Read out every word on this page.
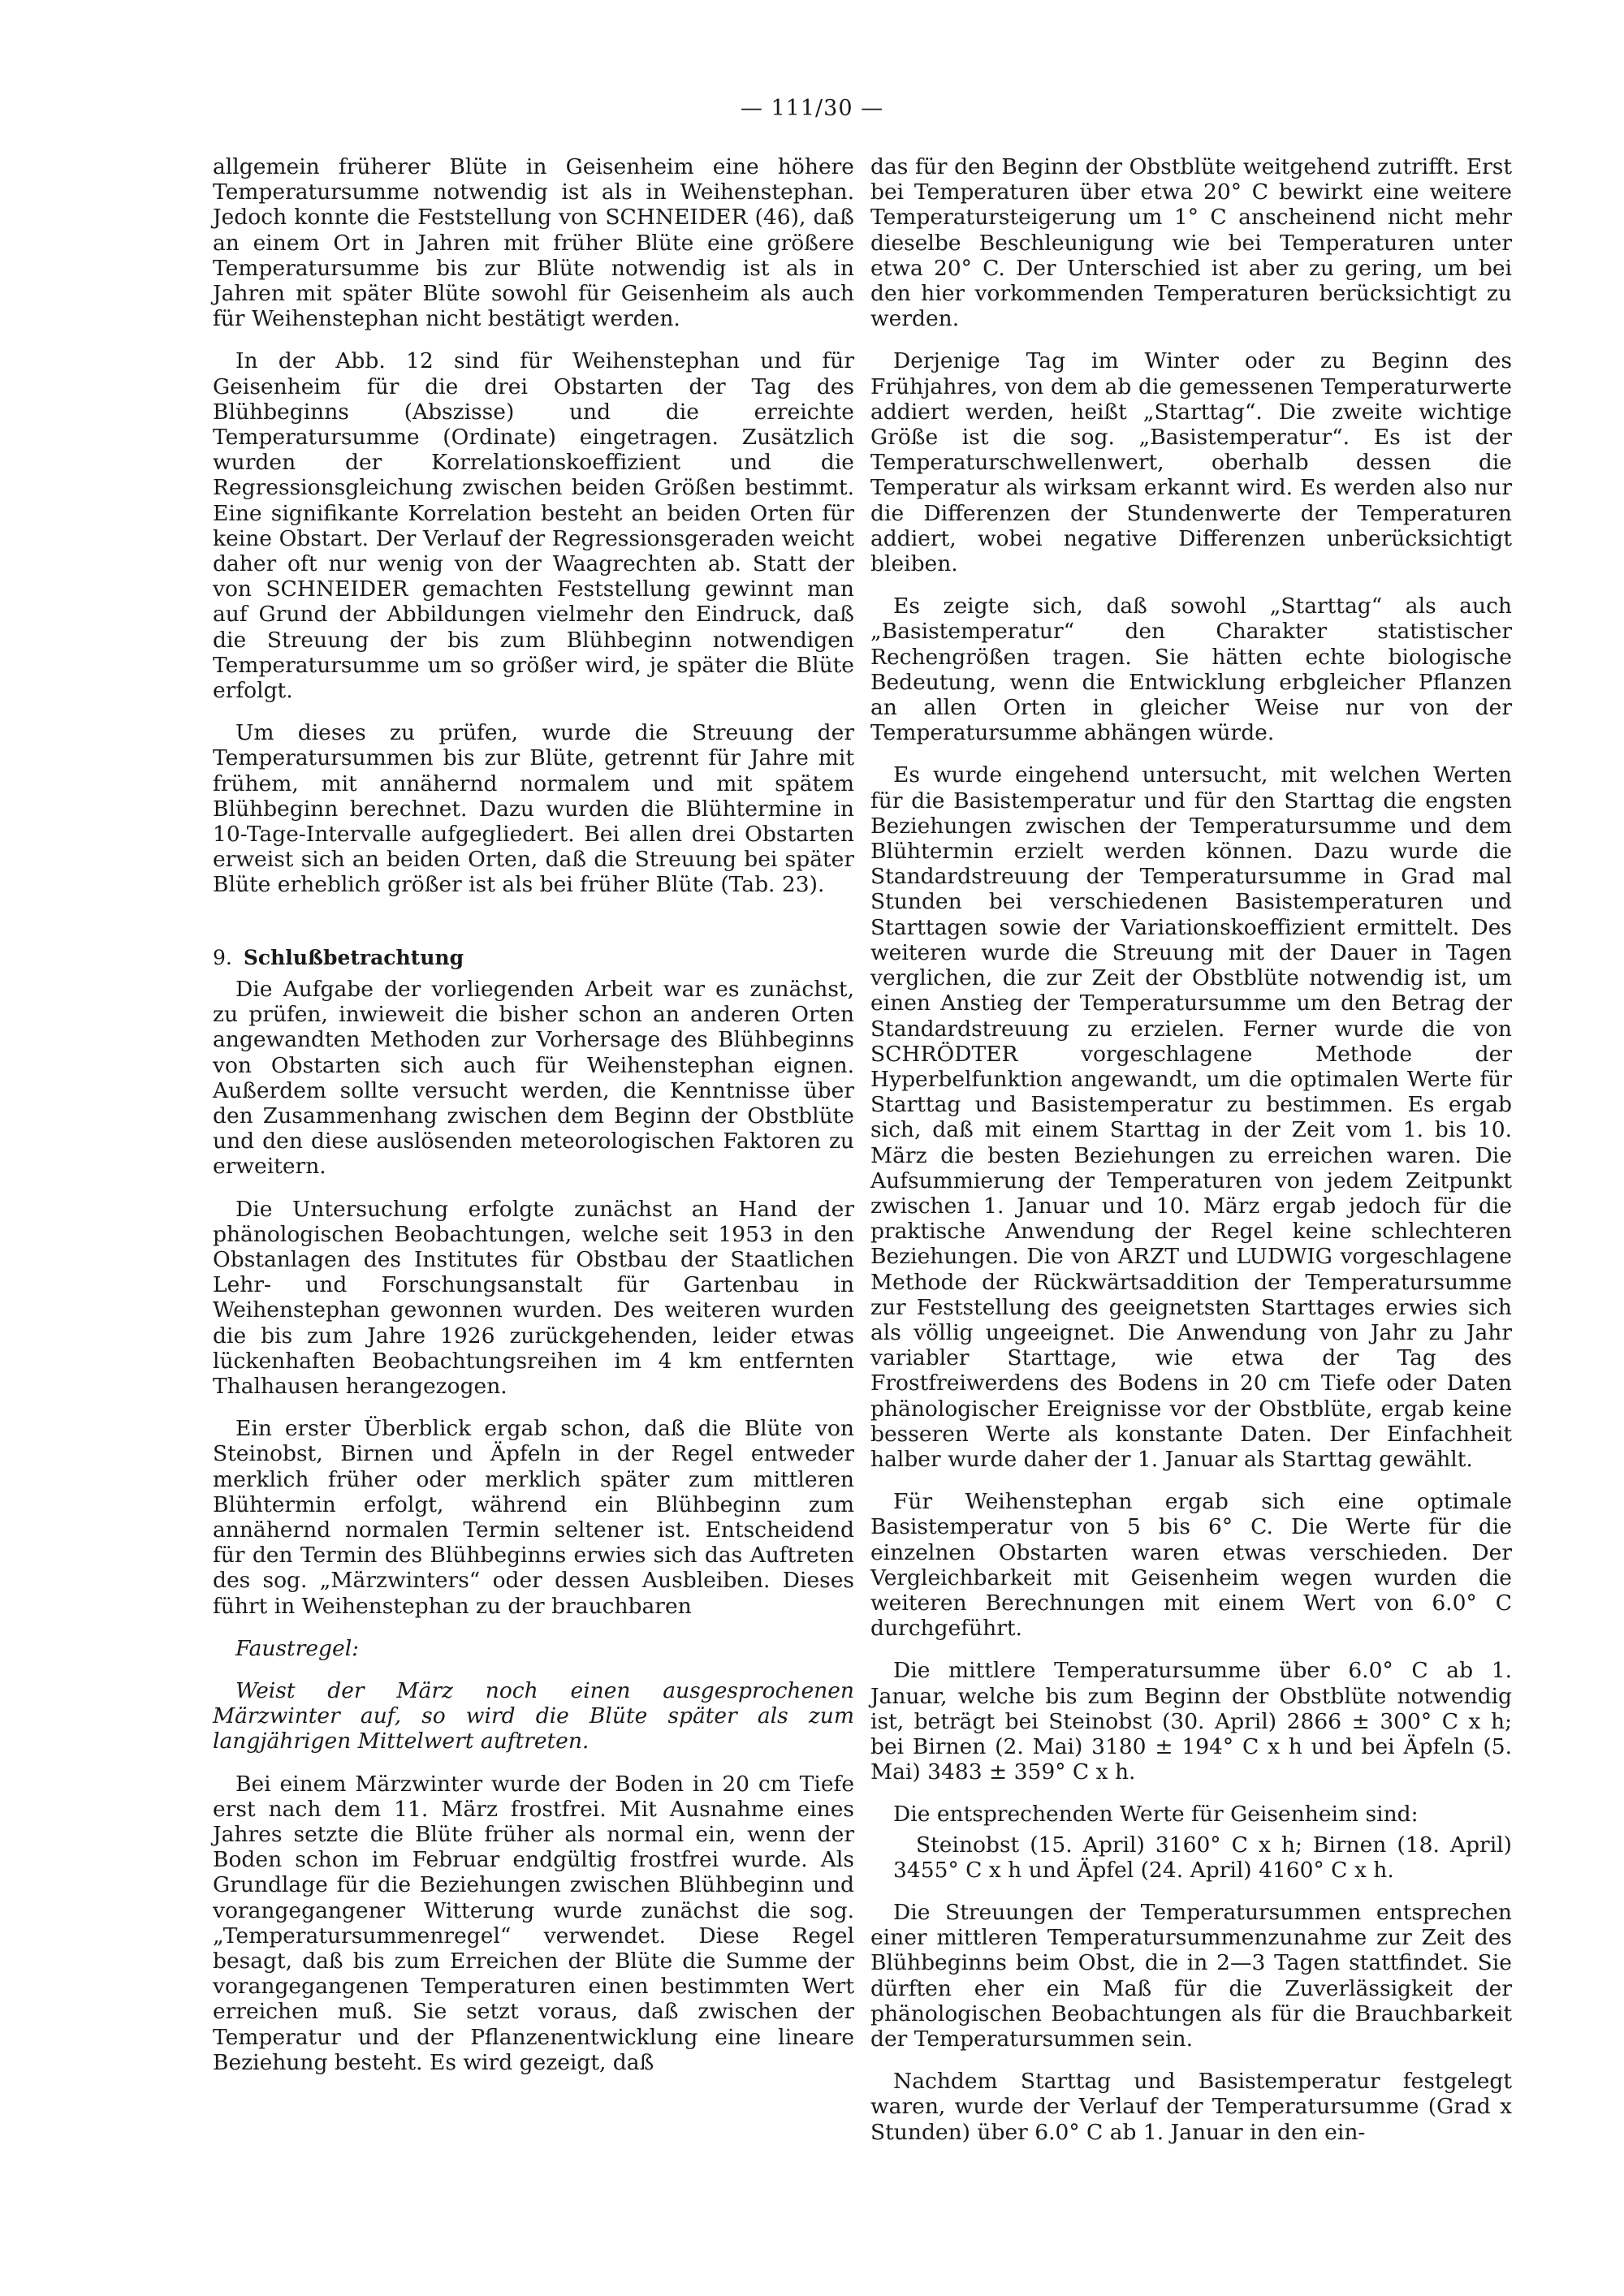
— 111/30 —

allgemein früherer Blüte in Geisenheim eine höhere Temperatursumme notwendig ist als in Weihenstephan. Jedoch konnte die Feststellung von SCHNEIDER (46), daß an einem Ort in Jahren mit früher Blüte eine größere Temperatursumme bis zur Blüte notwendig ist als in Jahren mit später Blüte sowohl für Geisenheim als auch für Weihenstephan nicht bestätigt werden.

In der Abb. 12 sind für Weihenstephan und für Geisenheim für die drei Obstarten der Tag des Blühbeginns (Abszisse) und die erreichte Temperatursumme (Ordinate) eingetragen. Zusätzlich wurden der Korrelationskoeffizient und die Regressionsgleichung zwischen beiden Größen bestimmt. Eine signifikante Korrelation besteht an beiden Orten für keine Obstart. Der Verlauf der Regressionsgeraden weicht daher oft nur wenig von der Waagrechten ab. Statt der von SCHNEIDER gemachten Feststellung gewinnt man auf Grund der Abbildungen vielmehr den Eindruck, daß die Streuung der bis zum Blühbeginn notwendigen Temperatursumme um so größer wird, je später die Blüte erfolgt.

Um dieses zu prüfen, wurde die Streuung der Temperatursummen bis zur Blüte, getrennt für Jahre mit frühem, mit annähernd normalem und mit spätem Blühbeginn berechnet. Dazu wurden die Blühtermine in 10-Tage-Intervalle aufgegliedert. Bei allen drei Obstarten erweist sich an beiden Orten, daß die Streuung bei später Blüte erheblich größer ist als bei früher Blüte (Tab. 23).

9. Schlußbetrachtung

Die Aufgabe der vorliegenden Arbeit war es zunächst, zu prüfen, inwieweit die bisher schon an anderen Orten angewandten Methoden zur Vorhersage des Blühbeginns von Obstarten sich auch für Weihenstephan eignen. Außerdem sollte versucht werden, die Kenntnisse über den Zusammenhang zwischen dem Beginn der Obstblüte und den diese auslösenden meteorologischen Faktoren zu erweitern.

Die Untersuchung erfolgte zunächst an Hand der phänologischen Beobachtungen, welche seit 1953 in den Obstanlagen des Institutes für Obstbau der Staatlichen Lehr- und Forschungsanstalt für Gartenbau in Weihenstephan gewonnen wurden. Des weiteren wurden die bis zum Jahre 1926 zurückgehenden, leider etwas lückenhaften Beobachtungsreihen im 4 km entfernten Thalhausen herangezogen.

Ein erster Überblick ergab schon, daß die Blüte von Steinobst, Birnen und Äpfeln in der Regel entweder merklich früher oder merklich später zum mittleren Blühtermin erfolgt, während ein Blühbeginn zum annähernd normalen Termin seltener ist. Entscheidend für den Termin des Blühbeginns erwies sich das Auftreten des sog. „Märzwinters“ oder dessen Ausbleiben. Dieses führt in Weihenstephan zu der brauchbaren

Faustregel:

Weist der März noch einen ausgesprochenen Märzwinter auf, so wird die Blüte später als zum langjährigen Mittelwert auftreten.

Bei einem Märzwinter wurde der Boden in 20 cm Tiefe erst nach dem 11. März frostfrei. Mit Ausnahme eines Jahres setzte die Blüte früher als normal ein, wenn der Boden schon im Februar endgültig frostfrei wurde. Als Grundlage für die Beziehungen zwischen Blühbeginn und vorangegangener Witterung wurde zunächst die sog. „Temperatursummenregel“ verwendet. Diese Regel besagt, daß bis zum Erreichen der Blüte die Summe der vorangegangenen Temperaturen einen bestimmten Wert erreichen muß. Sie setzt voraus, daß zwischen der Temperatur und der Pflanzenentwicklung eine lineare Beziehung besteht. Es wird gezeigt, daß

das für den Beginn der Obstblüte weitgehend zutrifft. Erst bei Temperaturen über etwa 20° C bewirkt eine weitere Temperatursteigerung um 1° C anscheinend nicht mehr dieselbe Beschleunigung wie bei Temperaturen unter etwa 20° C. Der Unterschied ist aber zu gering, um bei den hier vorkommenden Temperaturen berücksichtigt zu werden.

Derjenige Tag im Winter oder zu Beginn des Frühjahres, von dem ab die gemessenen Temperaturwerte addiert werden, heißt „Starttag“. Die zweite wichtige Größe ist die sog. „Basistemperatur“. Es ist der Temperaturschwellenwert, oberhalb dessen die Temperatur als wirksam erkannt wird. Es werden also nur die Differenzen der Stundenwerte der Temperaturen addiert, wobei negative Differenzen unberücksichtigt bleiben.

Es zeigte sich, daß sowohl „Starttag“ als auch „Basistemperatur“ den Charakter statistischer Rechengrößen tragen. Sie hätten echte biologische Bedeutung, wenn die Entwicklung erbgleicher Pflanzen an allen Orten in gleicher Weise nur von der Temperatursumme abhängen würde.

Es wurde eingehend untersucht, mit welchen Werten für die Basistemperatur und für den Starttag die engsten Beziehungen zwischen der Temperatursumme und dem Blühtermin erzielt werden können. Dazu wurde die Standardstreuung der Temperatursumme in Grad mal Stunden bei verschiedenen Basistemperaturen und Starttagen sowie der Variationskoeffizient ermittelt. Des weiteren wurde die Streuung mit der Dauer in Tagen verglichen, die zur Zeit der Obstblüte notwendig ist, um einen Anstieg der Temperatursumme um den Betrag der Standardstreuung zu erzielen. Ferner wurde die von SCHRÖDTER vorgeschlagene Methode der Hyperbelfunktion angewandt, um die optimalen Werte für Starttag und Basistemperatur zu bestimmen. Es ergab sich, daß mit einem Starttag in der Zeit vom 1. bis 10. März die besten Beziehungen zu erreichen waren. Die Aufsummierung der Temperaturen von jedem Zeitpunkt zwischen 1. Januar und 10. März ergab jedoch für die praktische Anwendung der Regel keine schlechteren Beziehungen. Die von ARZT und LUDWIG vorgeschlagene Methode der Rückwärtsaddition der Temperatursumme zur Feststellung des geeignetsten Starttages erwies sich als völlig ungeeignet. Die Anwendung von Jahr zu Jahr variabler Starttage, wie etwa der Tag des Frostfreiwerdens des Bodens in 20 cm Tiefe oder Daten phänologischer Ereignisse vor der Obstblüte, ergab keine besseren Werte als konstante Daten. Der Einfachheit halber wurde daher der 1. Januar als Starttag gewählt.

Für Weihenstephan ergab sich eine optimale Basistemperatur von 5 bis 6° C. Die Werte für die einzelnen Obstarten waren etwas verschieden. Der Vergleichbarkeit mit Geisenheim wegen wurden die weiteren Berechnungen mit einem Wert von 6.0° C durchgeführt.

Die mittlere Temperatursumme über 6.0° C ab 1. Januar, welche bis zum Beginn der Obstblüte notwendig ist, beträgt bei Steinobst (30. April) 2866 ± 300° C x h; bei Birnen (2. Mai) 3180 ± 194° C x h und bei Äpfeln (5. Mai) 3483 ± 359° C x h.

Die entsprechenden Werte für Geisenheim sind:

Steinobst (15. April) 3160° C x h; Birnen (18. April) 3455° C x h und Äpfel (24. April) 4160° C x h.

Die Streuungen der Temperatursummen entsprechen einer mittleren Temperatursummenzunahme zur Zeit des Blühbeginns beim Obst, die in 2—3 Tagen stattfindet. Sie dürften eher ein Maß für die Zuverlässigkeit der phänologischen Beobachtungen als für die Brauchbarkeit der Temperatursummen sein.

Nachdem Starttag und Basistemperatur festgelegt waren, wurde der Verlauf der Temperatursumme (Grad x Stunden) über 6.0° C ab 1. Januar in den ein-
